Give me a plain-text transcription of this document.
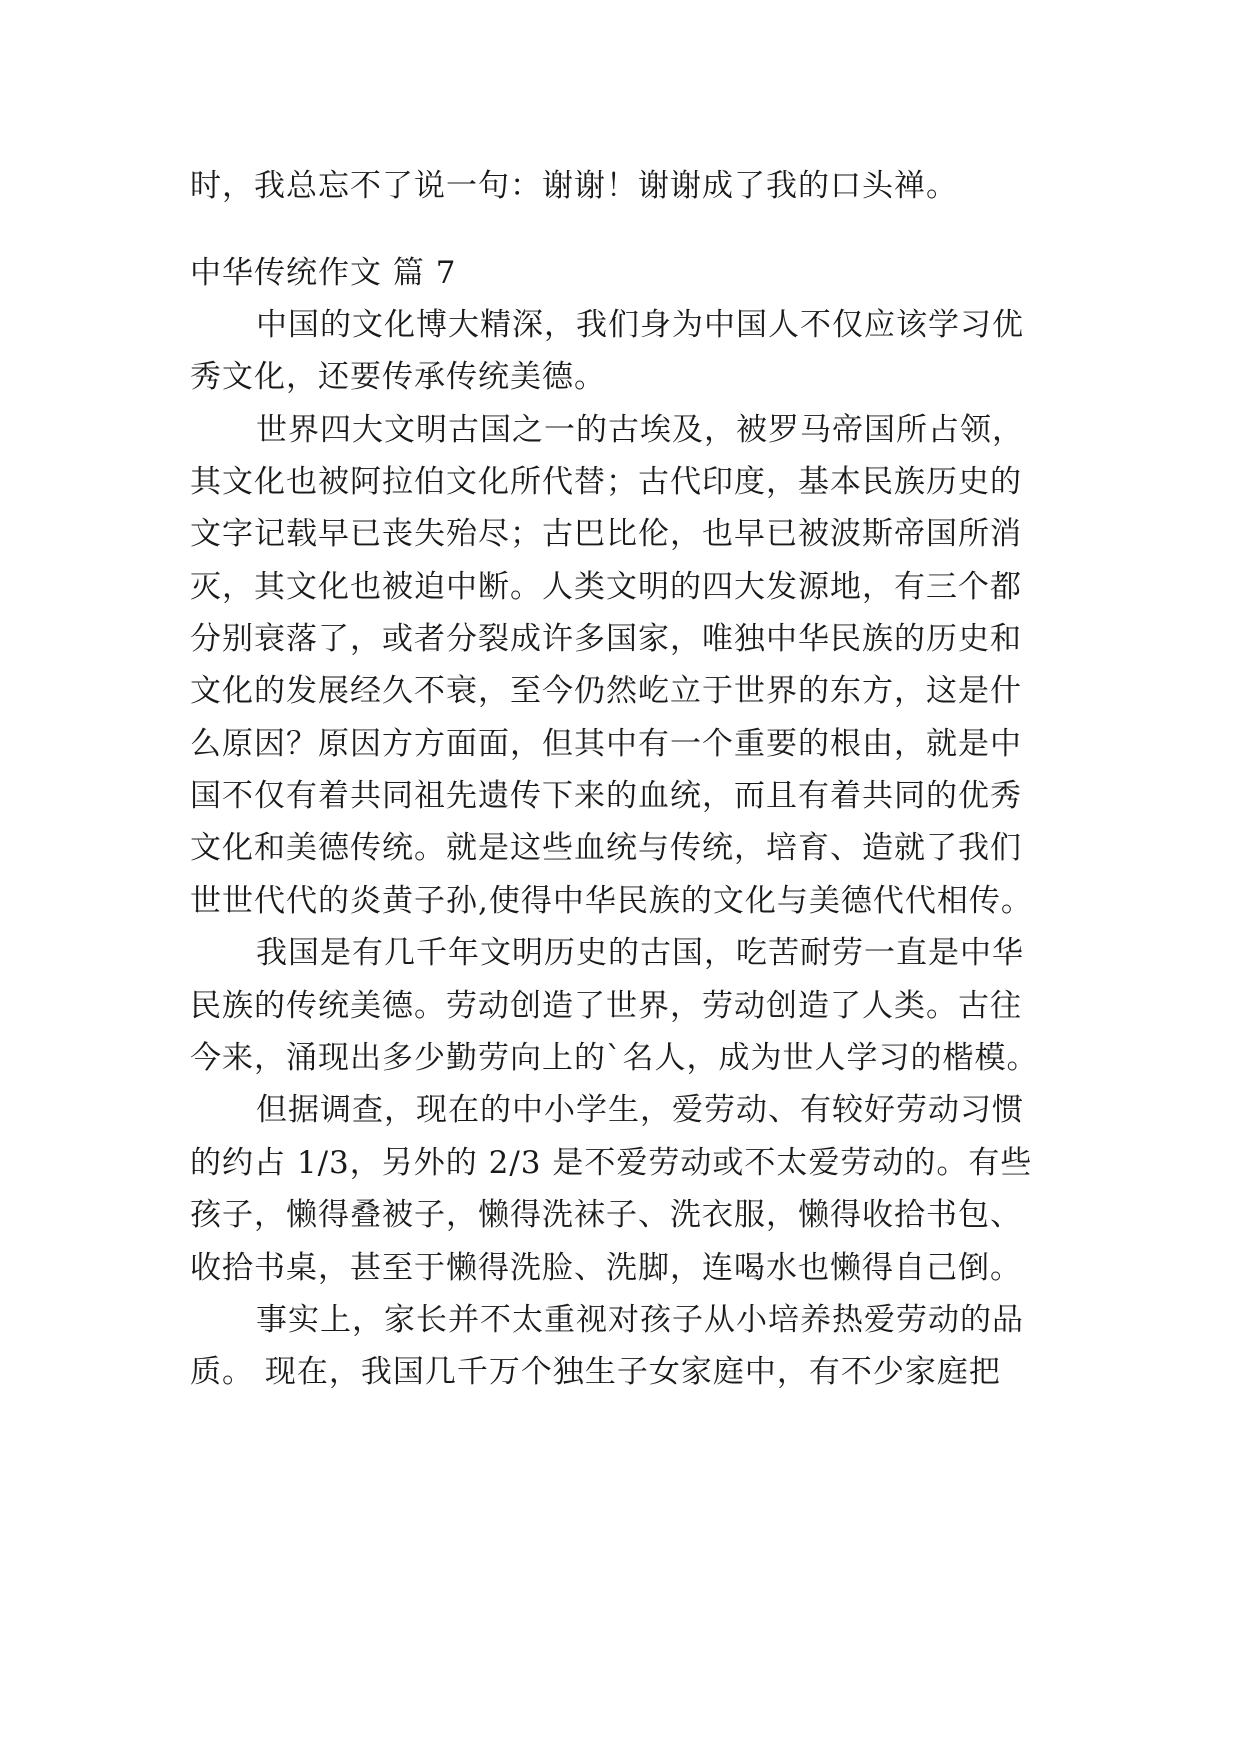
时，我总忘不了说一句：谢谢！谢谢成了我的口头禅。
中华传统作文 篇 7
中国的文化博大精深，我们身为中国人不仅应该学习优
秀文化，还要传承传统美德。
世界四大文明古国之一的古埃及，被罗马帝国所占领，
其文化也被阿拉伯文化所代替；古代印度，基本民族历史的
文字记载早已丧失殆尽；古巴比伦，也早已被波斯帝国所消
灭，其文化也被迫中断。人类文明的四大发源地，有三个都
分别衰落了，或者分裂成许多国家，唯独中华民族的历史和
文化的发展经久不衰，至今仍然屹立于世界的东方，这是什
么原因？原因方方面面，但其中有一个重要的根由，就是中
国不仅有着共同祖先遗传下来的血统，而且有着共同的优秀
文化和美德传统。就是这些血统与传统，培育、造就了我们
世世代代的炎黄子孙,使得中华民族的文化与美德代代相传。
我国是有几千年文明历史的古国，吃苦耐劳一直是中华
民族的传统美德。劳动创造了世界，劳动创造了人类。古往
今来，涌现出多少勤劳向上的`名人，成为世人学习的楷模。
但据调查，现在的中小学生，爱劳动、有较好劳动习惯
的约占 1/3，另外的 2/3 是不爱劳动或不太爱劳动的。有些
孩子，懒得叠被子，懒得洗袜子、洗衣服，懒得收拾书包、
收拾书桌，甚至于懒得洗脸、洗脚，连喝水也懒得自己倒。
事实上，家长并不太重视对孩子从小培养热爱劳动的品
质。 现在，我国几千万个独生子女家庭中，有不少家庭把
